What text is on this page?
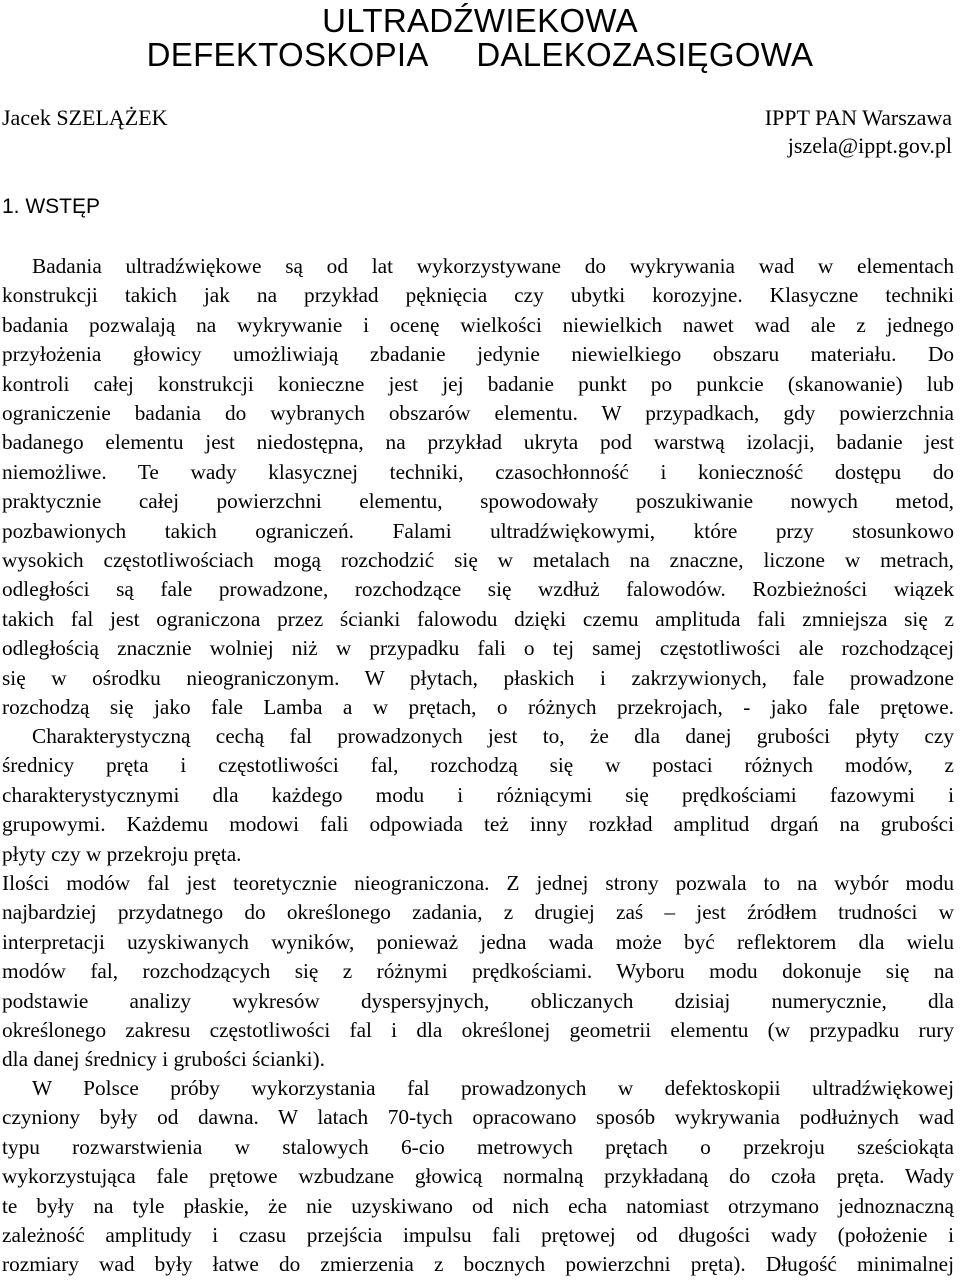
ULTRADŹWIEKOWA
DEFEKTOSKOPIA DALEKOZASIĘGOWA
Jacek SZELĄŻEK	IPPT PAN Warszawa
jszela@ippt.gov.pl
1. WSTĘP
Badania ultradźwiękowe są od lat wykorzystywane do wykrywania wad w elementach
konstrukcji takich jak na przykład pęknięcia czy ubytki korozyjne. Klasyczne techniki
badania pozwalają na wykrywanie i ocenę wielkości niewielkich nawet wad ale z jednego
przyłożenia głowicy umożliwiają zbadanie jedynie niewielkiego obszaru materiału. Do
kontroli całej konstrukcji konieczne jest jej badanie punkt po punkcie (skanowanie) lub
ograniczenie badania do wybranych obszarów elementu. W przypadkach, gdy powierzchnia
badanego elementu jest niedostępna, na przykład ukryta pod warstwą izolacji, badanie jest
niemożliwe. Te wady klasycznej techniki, czasochłonność i konieczność dostępu do
praktycznie całej powierzchni elementu, spowodowały poszukiwanie nowych metod,
pozbawionych takich ograniczeń. Falami ultradźwiękowymi, które przy stosunkowo
wysokich częstotliwościach mogą rozchodzić się w metalach na znaczne, liczone w metrach,
odległości są fale prowadzone, rozchodzące się wzdłuż falowodów. Rozbieżności wiązek
takich fal jest ograniczona przez ścianki falowodu dzięki czemu amplituda fali zmniejsza się z
odległością znacznie wolniej niż w przypadku fali o tej samej częstotliwości ale rozchodzącej
się w ośrodku nieograniczonym. W płytach, płaskich i zakrzywionych, fale prowadzone
rozchodzą się jako fale Lamba a w prętach, o różnych przekrojach, - jako fale prętowe.
Charakterystyczną cechą fal prowadzonych jest to, że dla danej grubości płyty czy
średnicy pręta i częstotliwości fal, rozchodzą się w postaci różnych modów, z
charakterystycznymi dla każdego modu i różniącymi się prędkościami fazowymi i
grupowymi. Każdemu modowi fali odpowiada też inny rozkład amplitud drgań na grubości
płyty czy w przekroju pręta.
Ilości modów fal jest teoretycznie nieograniczona. Z jednej strony pozwala to na wybór modu
najbardziej przydatnego do określonego zadania, z drugiej zaś – jest źródłem trudności w
interpretacji uzyskiwanych wyników, ponieważ jedna wada może być reflektorem dla wielu
modów fal, rozchodzących się z różnymi prędkościami. Wyboru modu dokonuje się na
podstawie analizy wykresów dyspersyjnych, obliczanych dzisiaj numerycznie, dla
określonego zakresu częstotliwości fal i dla określonej geometrii elementu (w przypadku rury
dla danej średnicy i grubości ścianki).
W Polsce próby wykorzystania fal prowadzonych w defektoskopii ultradźwiękowej
czyniony były od dawna. W latach 70-tych opracowano sposób wykrywania podłużnych wad
typu rozwarstwienia w stalowych 6-cio metrowych prętach o przekroju sześciokąta
wykorzystująca fale prętowe wzbudzane głowicą normalną przykładaną do czoła pręta. Wady
te były na tyle płaskie, że nie uzyskiwano od nich echa natomiast otrzymano jednoznaczną
zależność amplitudy i czasu przejścia impulsu fali prętowej od długości wady (położenie i
rozmiary wad były łatwe do zmierzenia z bocznych powierzchni pręta). Długość minimalnej
